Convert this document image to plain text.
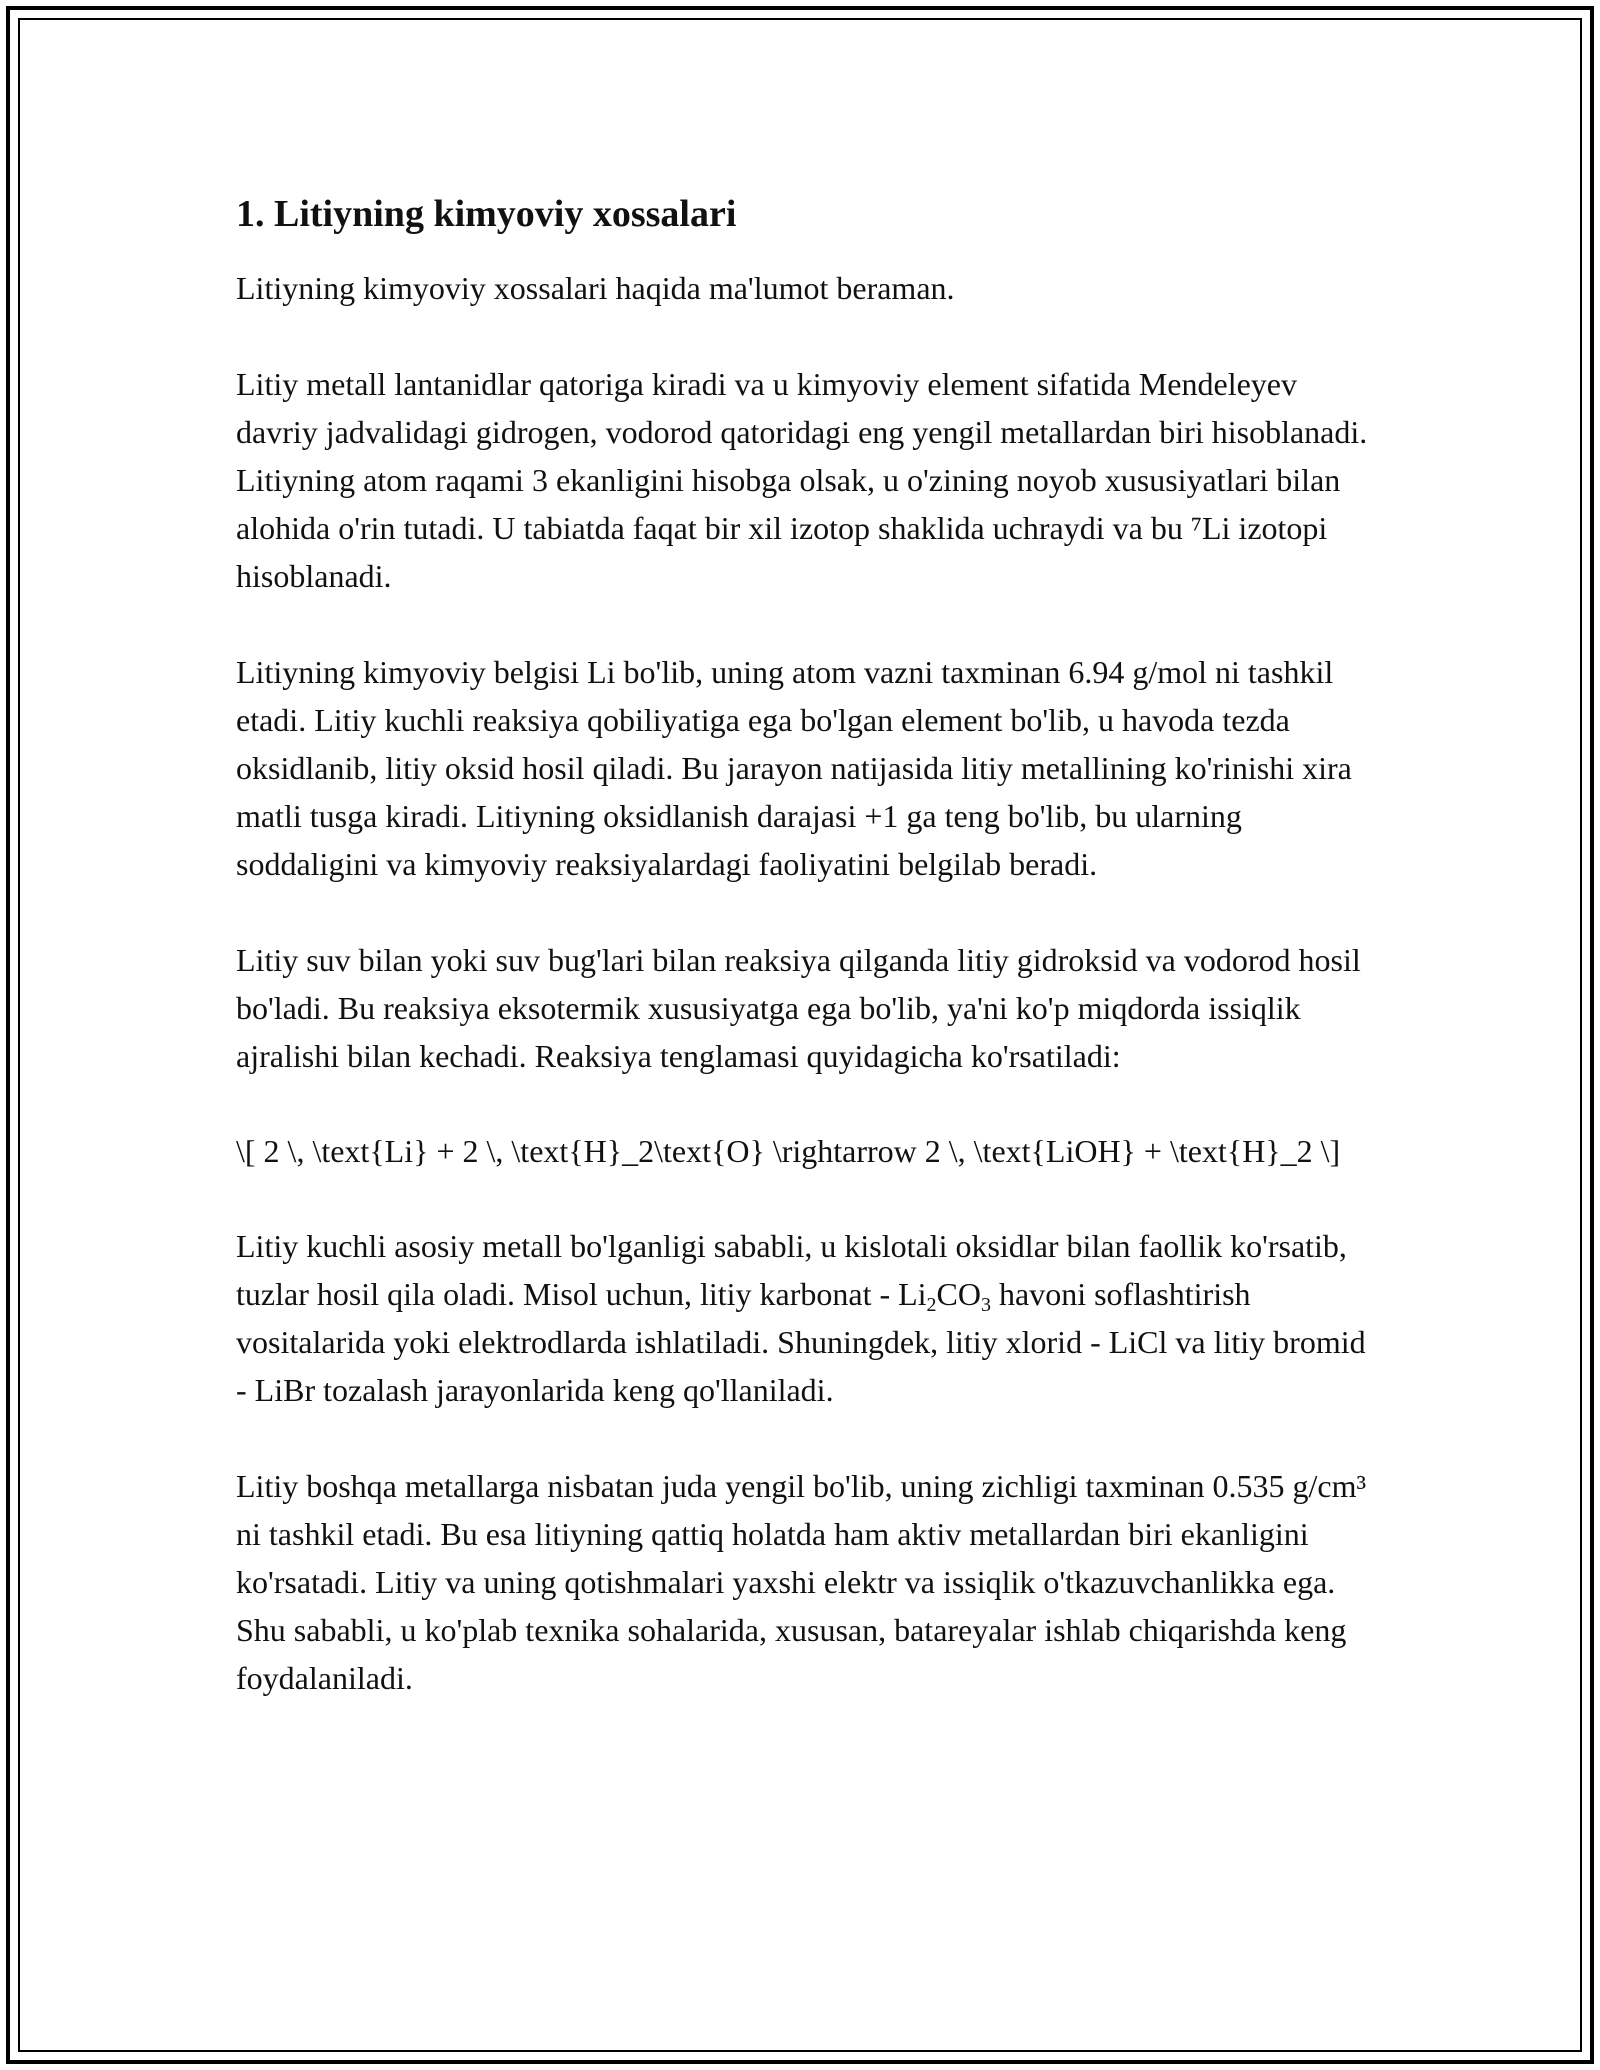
1. Litiyning kimyoviy xossalari

Litiyning kimyoviy xossalari haqida ma'lumot beraman.

Litiy metall lantanidlar qatoriga kiradi va u kimyoviy element sifatida Mendeleyev davriy jadvalidagi gidrogen, vodorod qatoridagi eng yengil metallardan biri hisoblanadi. Litiyning atom raqami 3 ekanligini hisobga olsak, u o'zining noyob xususiyatlari bilan alohida o'rin tutadi. U tabiatda faqat bir xil izotop shaklida uchraydi va bu ⁷Li izotopi hisoblanadi.

Litiyning kimyoviy belgisi Li bo'lib, uning atom vazni taxminan 6.94 g/mol ni tashkil etadi. Litiy kuchli reaksiya qobiliyatiga ega bo'lgan element bo'lib, u havoda tezda oksidlanib, litiy oksid hosil qiladi. Bu jarayon natijasida litiy metallining ko'rinishi xira matli tusga kiradi. Litiyning oksidlanish darajasi +1 ga teng bo'lib, bu ularning soddaligini va kimyoviy reaksiyalardagi faoliyatini belgilab beradi.

Litiy suv bilan yoki suv bug'lari bilan reaksiya qilganda litiy gidroksid va vodorod hosil bo'ladi. Bu reaksiya eksotermik xususiyatga ega bo'lib, ya'ni ko'p miqdorda issiqlik ajralishi bilan kechadi. Reaksiya tenglamasi quyidagicha ko'rsatiladi:

\[ 2 \, \text{Li} + 2 \, \text{H}_2\text{O} \rightarrow 2 \, \text{LiOH} + \text{H}_2 \]

Litiy kuchli asosiy metall bo'lganligi sababli, u kislotali oksidlar bilan faollik ko'rsatib, tuzlar hosil qila oladi. Misol uchun, litiy karbonat - $Li_2CO_3$ havoni soflashtirish vositalarida yoki elektrodlarda ishlatiladi. Shuningdek, litiy xlorid - LiCl va litiy bromid - LiBr tozalash jarayonlarida keng qo'llaniladi.

Litiy boshqa metallarga nisbatan juda yengil bo'lib, uning zichligi taxminan 0.535 g/cm³ ni tashkil etadi. Bu esa litiyning qattiq holatda ham aktiv metallardan biri ekanligini ko'rsatadi. Litiy va uning qotishmalari yaxshi elektr va issiqlik o'tkazuvchanlikka ega. Shu sababli, u ko'plab texnika sohalarida, xususan, batareyalar ishlab chiqarishda keng foydalaniladi.
